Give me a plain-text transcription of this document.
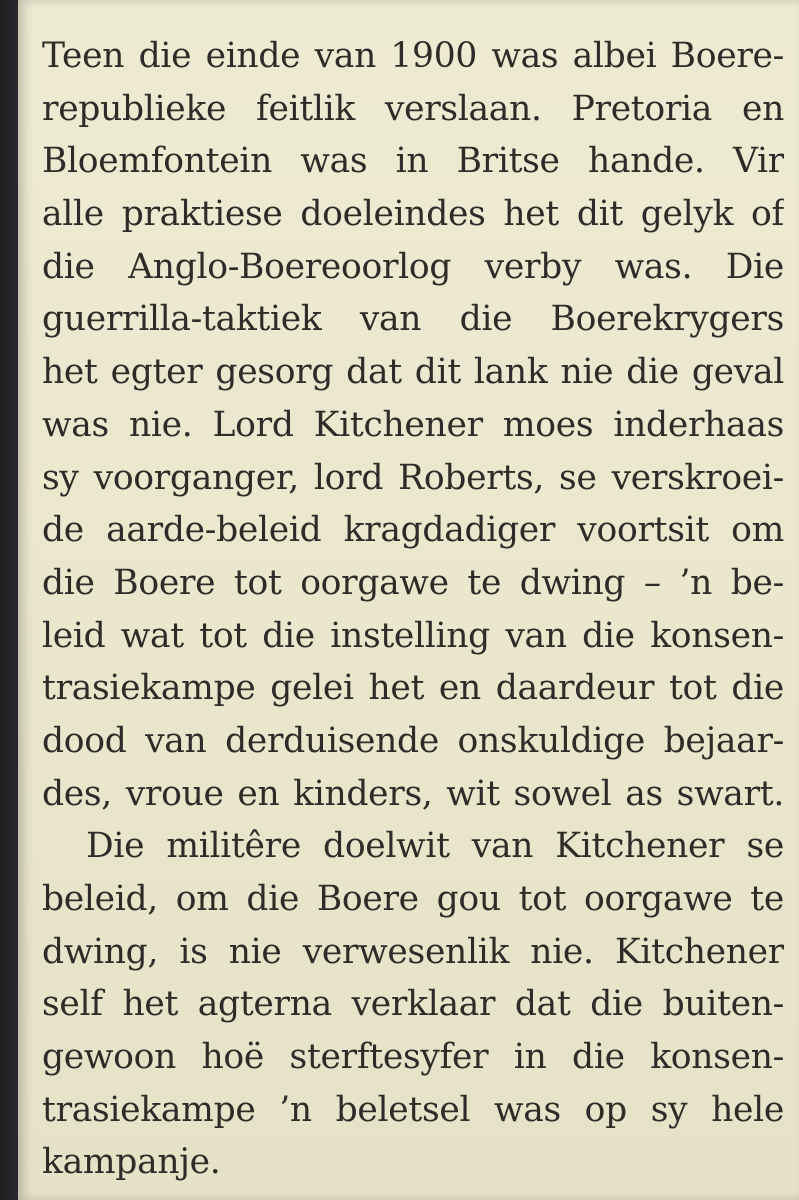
Teen die einde van 1900 was albei Boere-
republieke feitlik verslaan. Pretoria en
Bloemfontein was in Britse hande. Vir
alle praktiese doeleindes het dit gelyk of
die Anglo-Boereoorlog verby was. Die
guerrilla-taktiek van die Boerekrygers
het egter gesorg dat dit lank nie die geval
was nie. Lord Kitchener moes inderhaas
sy voorganger, lord Roberts, se verskroei-
de aarde-beleid kragdadiger voortsit om
die Boere tot oorgawe te dwing – ’n be-
leid wat tot die instelling van die konsen-
trasiekampe gelei het en daardeur tot die
dood van derduisende onskuldige bejaar-
des, vroue en kinders, wit sowel as swart.
Die militêre doelwit van Kitchener se
beleid, om die Boere gou tot oorgawe te
dwing, is nie verwesenlik nie. Kitchener
self het agterna verklaar dat die buiten-
gewoon hoë sterftesyfer in die konsen-
trasiekampe ’n beletsel was op sy hele
kampanje.
